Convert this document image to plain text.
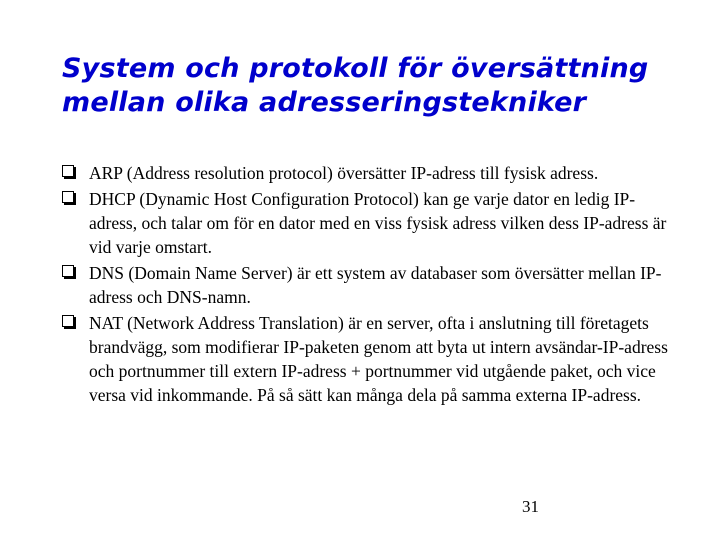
System och protokoll för översättning mellan olika adresseringstekniker
ARP (Address resolution protocol) översätter IP-adress till fysisk adress.
DHCP (Dynamic Host Configuration Protocol) kan ge varje dator en ledig IP-adress, och talar om för en dator med en viss fysisk adress vilken dess IP-adress är vid varje omstart.
DNS (Domain Name Server) är ett system av databaser som översätter mellan IP-adress och DNS-namn.
NAT (Network Address Translation) är en server, ofta i anslutning till företagets brandvägg, som modifierar IP-paketen genom att byta ut intern avsändar-IP-adress och portnummer till extern IP-adress + portnummer vid utgående paket, och vice versa vid inkommande. På så sätt kan många dela på samma externa IP-adress.
31
